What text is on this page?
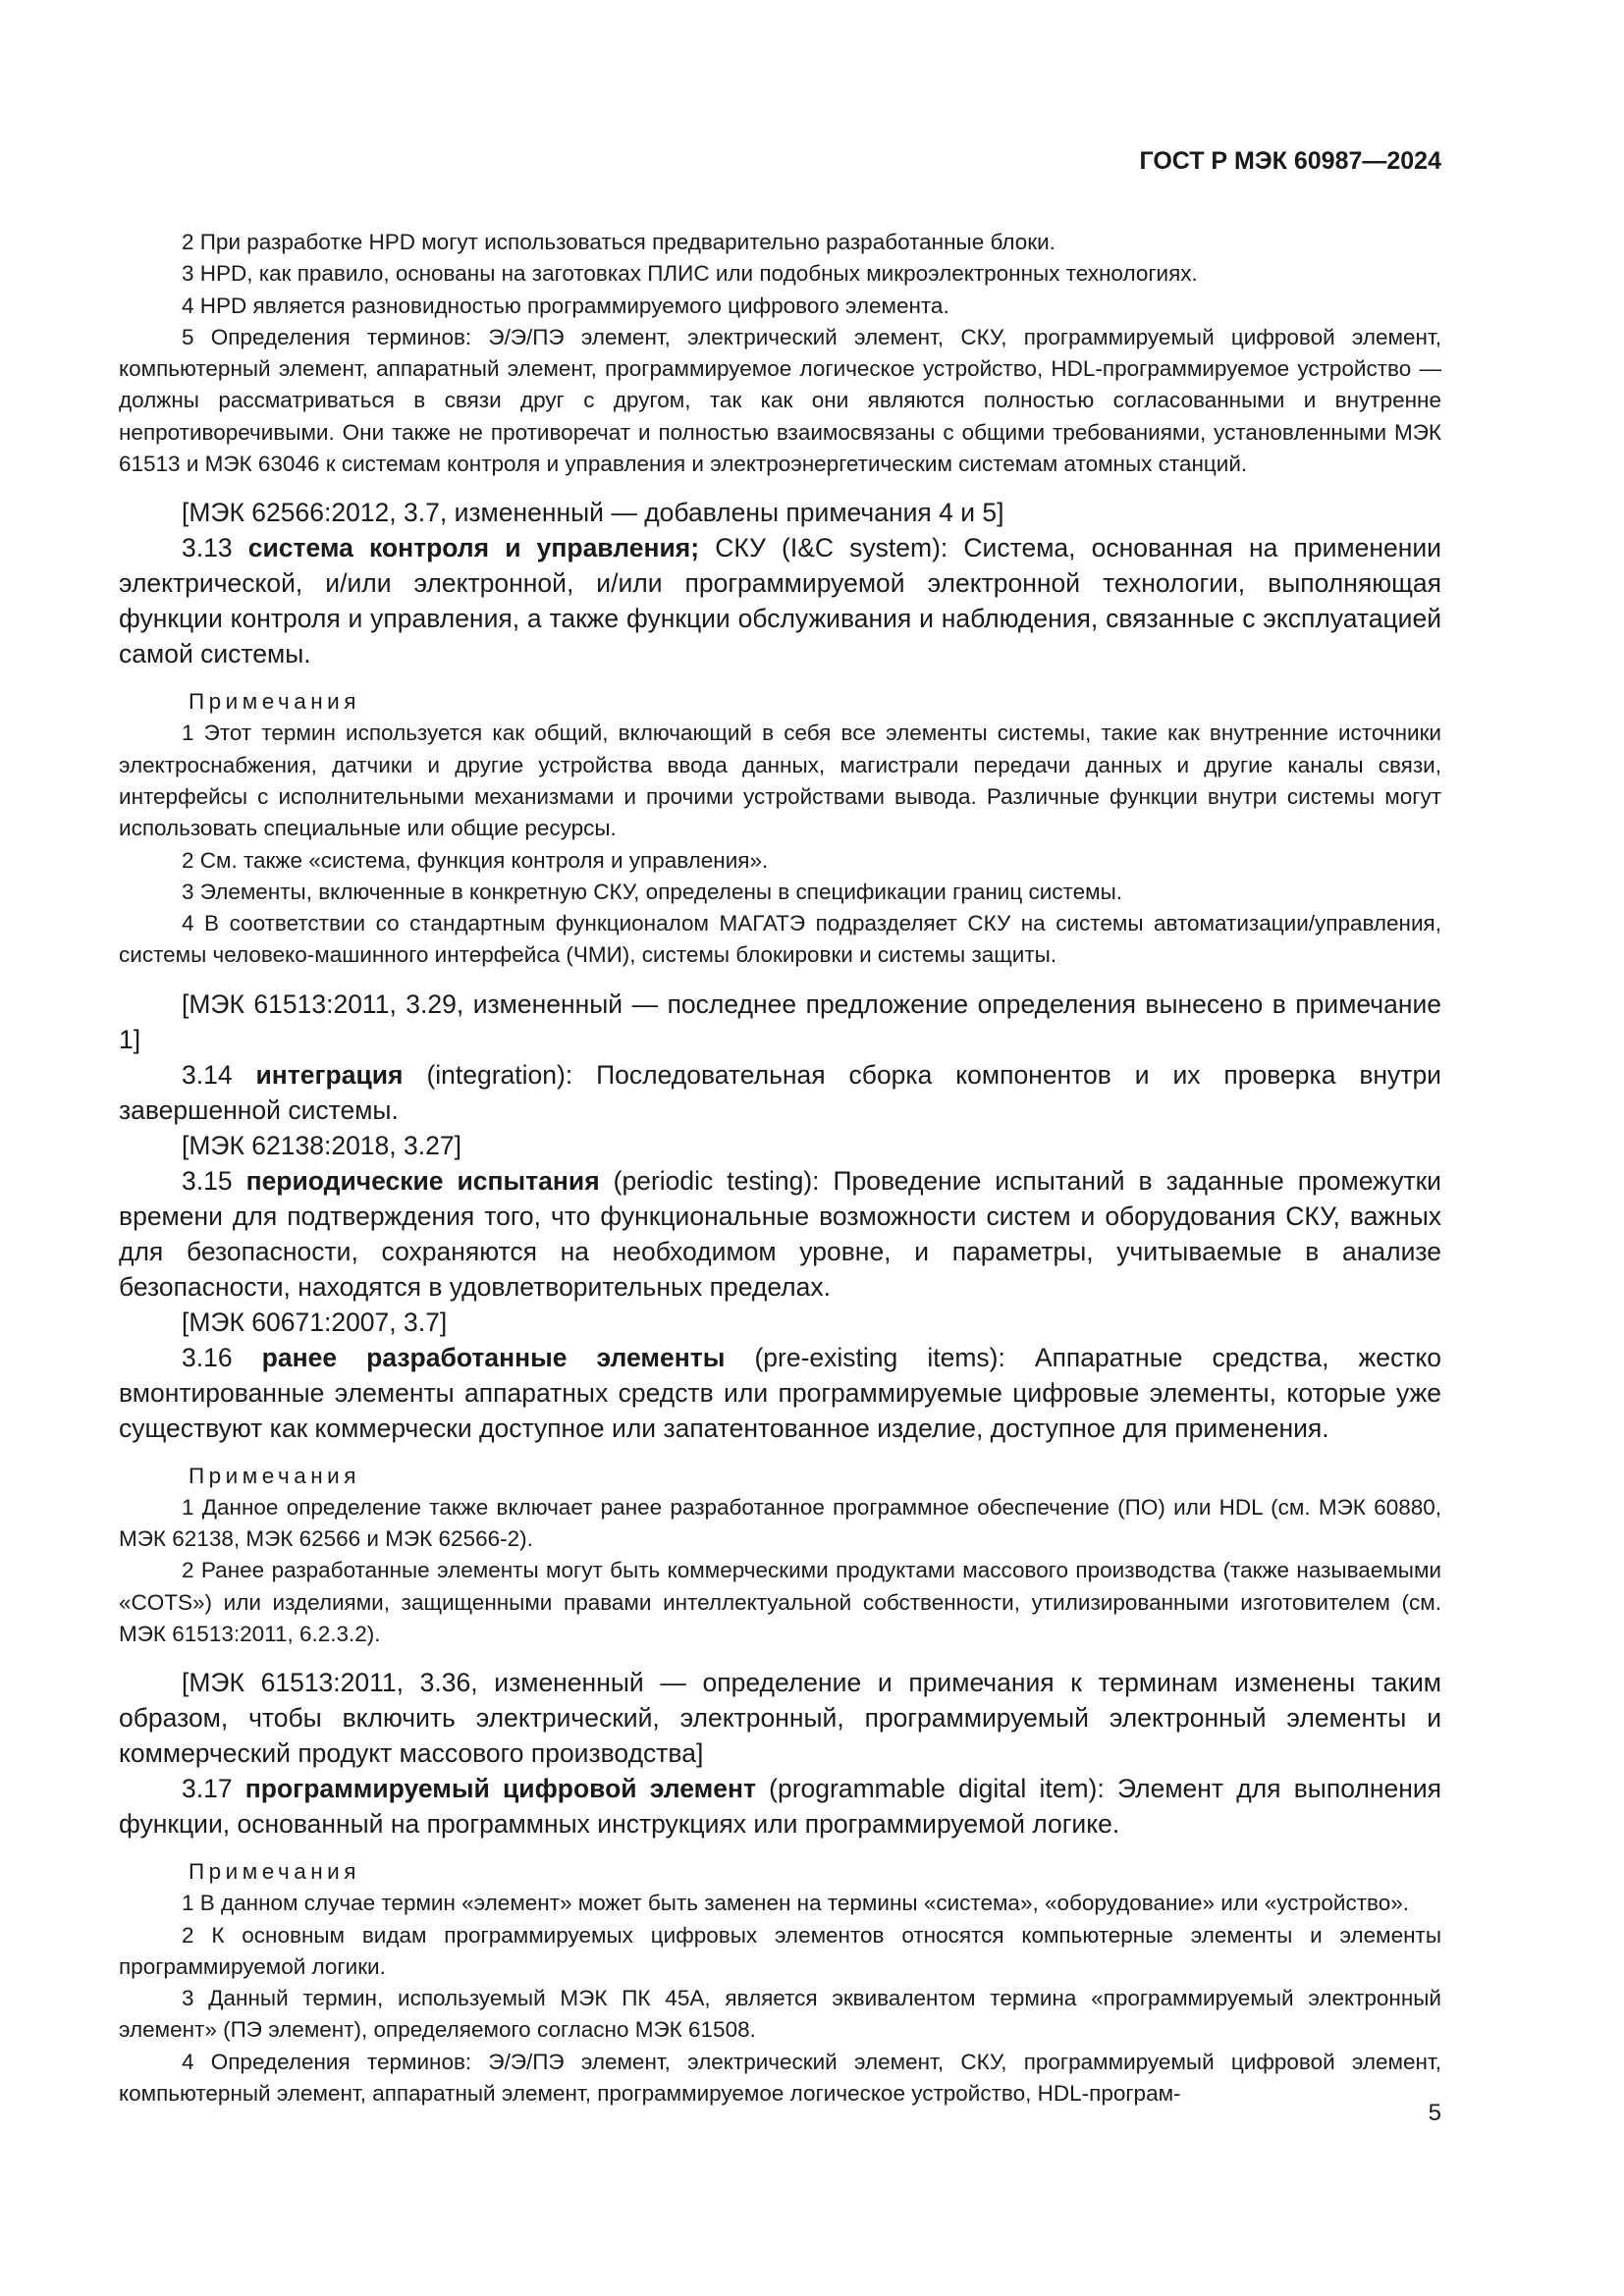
ГОСТ Р МЭК 60987—2024

2 При разработке HPD могут использоваться предварительно разработанные блоки.

3 HPD, как правило, основаны на заготовках ПЛИС или подобных микроэлектронных технологиях.

4 HPD является разновидностью программируемого цифрового элемента.

5 Определения терминов: Э/Э/ПЭ элемент, электрический элемент, СКУ, программируемый цифровой элемент, компьютерный элемент, аппаратный элемент, программируемое логическое устройство, HDL-программируемое устройство — должны рассматриваться в связи друг с другом, так как они являются полностью согласованными и внутренне непротиворечивыми. Они также не противоречат и полностью взаимосвязаны с общими требованиями, установленными МЭК 61513 и МЭК 63046 к системам контроля и управления и электроэнергетическим системам атомных станций.

[МЭК 62566:2012, 3.7, измененный — добавлены примечания 4 и 5]

3.13 система контроля и управления; СКУ (I&C system): Система, основанная на применении электрической, и/или электронной, и/или программируемой электронной технологии, выполняющая функции контроля и управления, а также функции обслуживания и наблюдения, связанные с эксплуатацией самой системы.

Примечания

1 Этот термин используется как общий, включающий в себя все элементы системы, такие как внутренние источники электроснабжения, датчики и другие устройства ввода данных, магистрали передачи данных и другие каналы связи, интерфейсы с исполнительными механизмами и прочими устройствами вывода. Различные функции внутри системы могут использовать специальные или общие ресурсы.

2 См. также «система, функция контроля и управления».

3 Элементы, включенные в конкретную СКУ, определены в спецификации границ системы.

4 В соответствии со стандартным функционалом МАГАТЭ подразделяет СКУ на системы автоматизации/управления, системы человеко-машинного интерфейса (ЧМИ), системы блокировки и системы защиты.

[МЭК 61513:2011, 3.29, измененный — последнее предложение определения вынесено в примечание 1]

3.14 интеграция (integration): Последовательная сборка компонентов и их проверка внутри завершенной системы.

[МЭК 62138:2018, 3.27]

3.15 периодические испытания (periodic testing): Проведение испытаний в заданные промежутки времени для подтверждения того, что функциональные возможности систем и оборудования СКУ, важных для безопасности, сохраняются на необходимом уровне, и параметры, учитываемые в анализе безопасности, находятся в удовлетворительных пределах.

[МЭК 60671:2007, 3.7]

3.16 ранее разработанные элементы (pre-existing items): Аппаратные средства, жестко вмонтированные элементы аппаратных средств или программируемые цифровые элементы, которые уже существуют как коммерчески доступное или запатентованное изделие, доступное для применения.

Примечания

1 Данное определение также включает ранее разработанное программное обеспечение (ПО) или HDL (см. МЭК 60880, МЭК 62138, МЭК 62566 и МЭК 62566-2).

2 Ранее разработанные элементы могут быть коммерческими продуктами массового производства (также называемыми «COTS») или изделиями, защищенными правами интеллектуальной собственности, утилизированными изготовителем (см. МЭК 61513:2011, 6.2.3.2).

[МЭК 61513:2011, 3.36, измененный — определение и примечания к терминам изменены таким образом, чтобы включить электрический, электронный, программируемый электронный элементы и коммерческий продукт массового производства]

3.17 программируемый цифровой элемент (programmable digital item): Элемент для выполнения функции, основанный на программных инструкциях или программируемой логике.

Примечания

1 В данном случае термин «элемент» может быть заменен на термины «система», «оборудование» или «устройство».

2 К основным видам программируемых цифровых элементов относятся компьютерные элементы и элементы программируемой логики.

3 Данный термин, используемый МЭК ПК 45А, является эквивалентом термина «программируемый электронный элемент» (ПЭ элемент), определяемого согласно МЭК 61508.

4 Определения терминов: Э/Э/ПЭ элемент, электрический элемент, СКУ, программируемый цифровой элемент, компьютерный элемент, аппаратный элемент, программируемое логическое устройство, HDL-програм-

5
